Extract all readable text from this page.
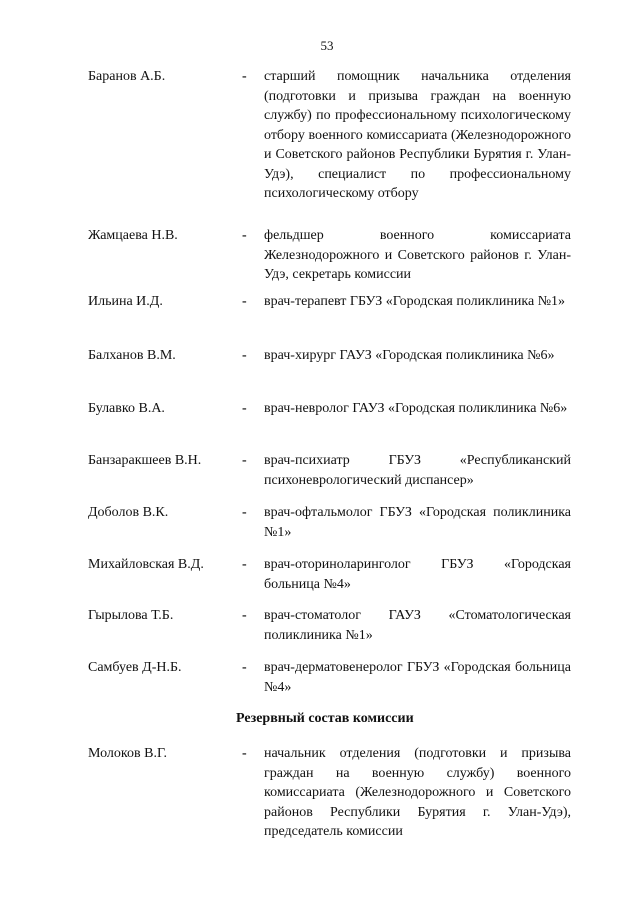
53
Баранов А.Б.	- старший помощник начальника отделения (подготовки и призыва граждан на военную службу) по профессиональному психологическому отбору военного комиссариата (Железнодорожного и Советского районов Республики Бурятия г. Улан-Удэ), специалист по профессиональному психологическому отбору
Жамцаева Н.В.	- фельдшер военного комиссариата Железнодорожного и Советского районов г. Улан-Удэ, секретарь комиссии
Ильина И.Д.	- врач-терапевт ГБУЗ «Городская поликлиника №1»
Балханов В.М.	- врач-хирург ГАУЗ «Городская поликлиника №6»
Булавко В.А.	- врач-невролог ГАУЗ «Городская поликлиника №6»
Банзаракшеев В.Н.	- врач-психиатр ГБУЗ «Республиканский психоневрологический диспансер»
Доболов В.К.	- врач-офтальмолог ГБУЗ «Городская поликлиника №1»
Михайловская В.Д.	- врач-оториноларинголог ГБУЗ «Городская больница №4»
Гырылова Т.Б.	- врач-стоматолог ГАУЗ «Стоматологическая поликлиника №1»
Самбуев Д-Н.Б.	- врач-дерматовенеролог ГБУЗ «Городская больница №4»
Резервный состав комиссии
Молоков В.Г.	- начальник отделения (подготовки и призыва граждан на военную службу) военного комиссариата (Железнодорожного и Советского районов Республики Бурятия г. Улан-Удэ), председатель комиссии
